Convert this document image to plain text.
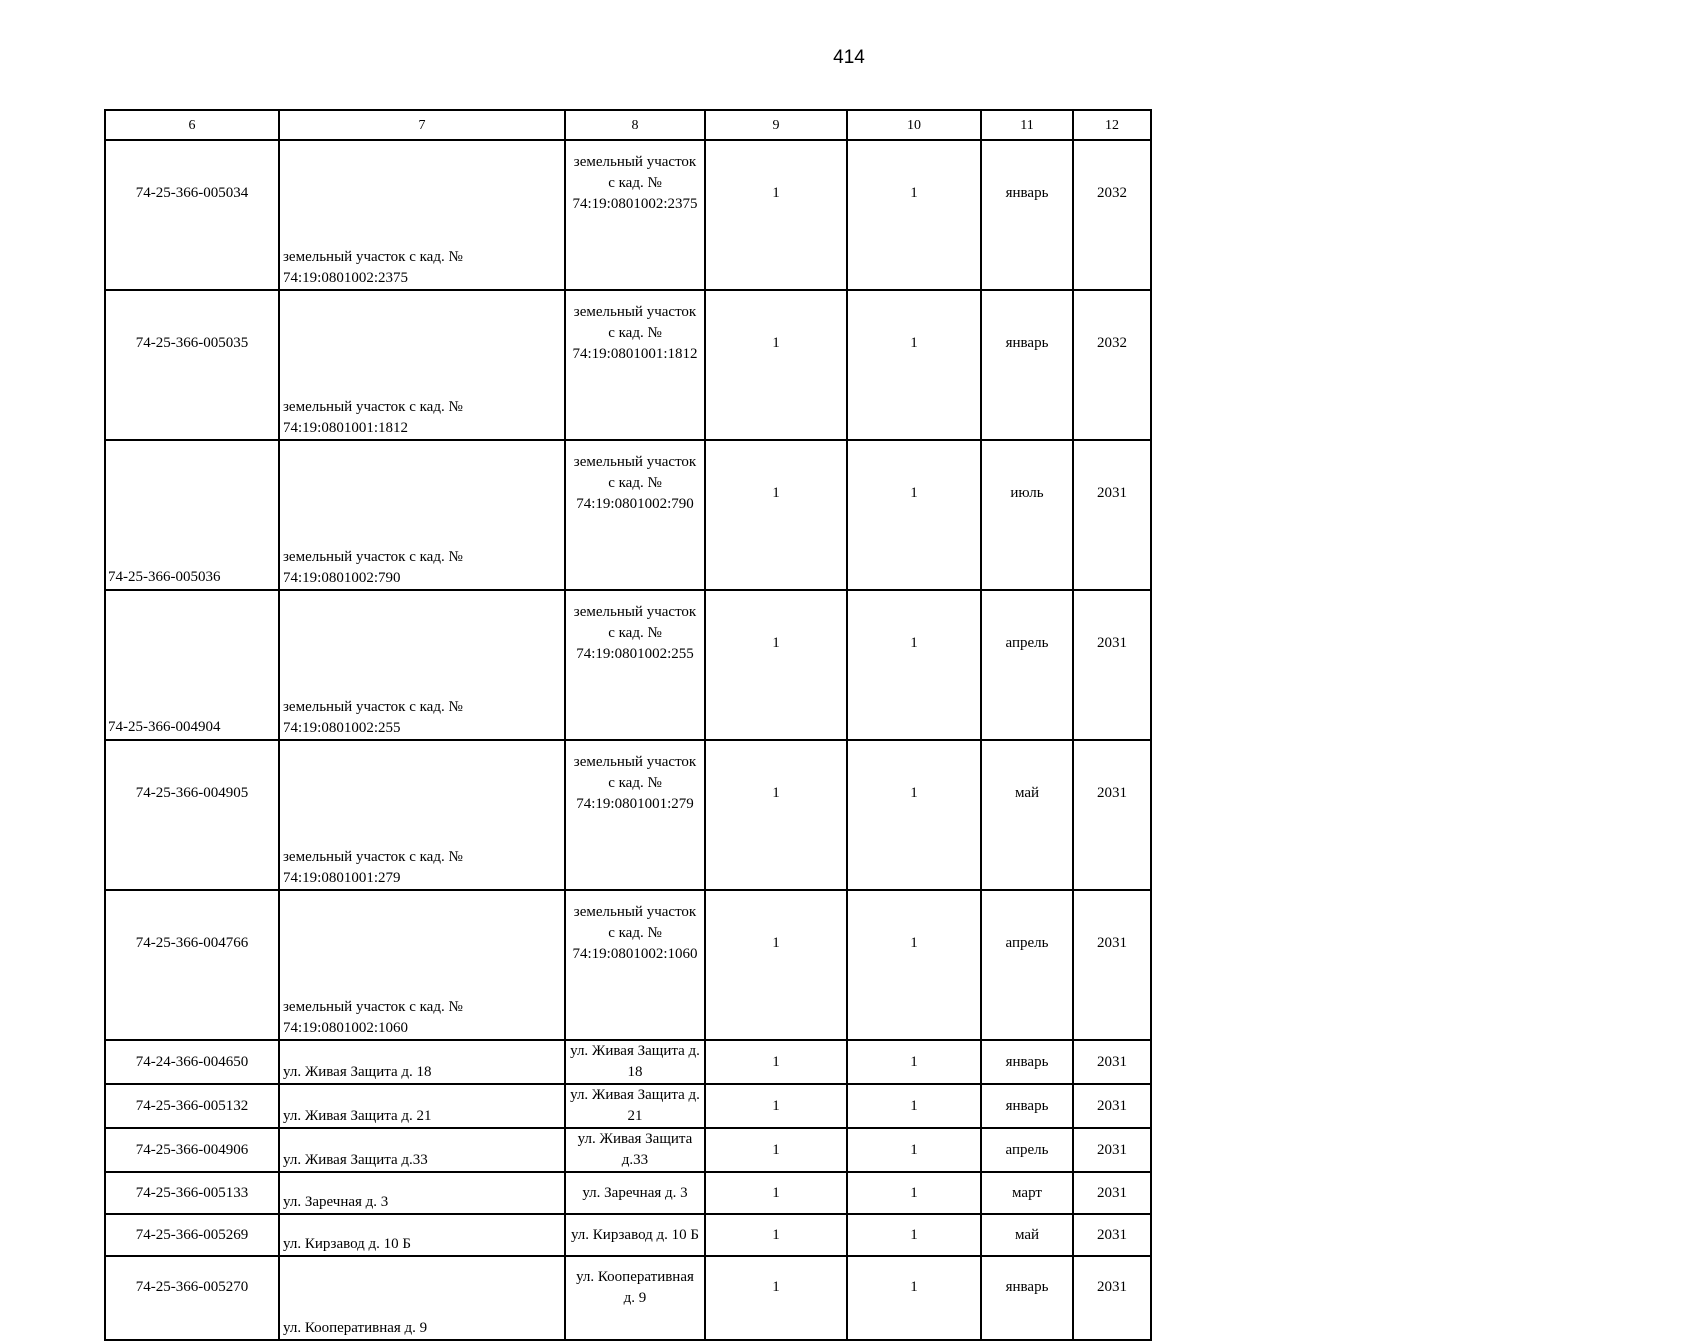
414
6	7	8	9	10	11	12
74-25-366-005034	земельный участок с кад. № 74:19:0801002:2375	земельный участок с кад. № 74:19:0801002:2375	1	1	январь	2032
74-25-366-005035	земельный участок с кад. № 74:19:0801001:1812	земельный участок с кад. № 74:19:0801001:1812	1	1	январь	2032
74-25-366-005036	земельный участок с кад. № 74:19:0801002:790	земельный участок с кад. № 74:19:0801002:790	1	1	июль	2031
74-25-366-004904	земельный участок с кад. № 74:19:0801002:255	земельный участок с кад. № 74:19:0801002:255	1	1	апрель	2031
74-25-366-004905	земельный участок с кад. № 74:19:0801001:279	земельный участок с кад. № 74:19:0801001:279	1	1	май	2031
74-25-366-004766	земельный участок с кад. № 74:19:0801002:1060	земельный участок с кад. № 74:19:0801002:1060	1	1	апрель	2031
74-24-366-004650	ул. Живая Защита д. 18	ул. Живая Защита д. 18	1	1	январь	2031
74-25-366-005132	ул. Живая Защита д. 21	ул. Живая Защита д. 21	1	1	январь	2031
74-25-366-004906	ул. Живая Защита д.33	ул. Живая Защита д.33	1	1	апрель	2031
74-25-366-005133	ул. Заречная д. 3	ул. Заречная д. 3	1	1	март	2031
74-25-366-005269	ул. Кирзавод д. 10 Б	ул. Кирзавод д. 10 Б	1	1	май	2031
74-25-366-005270	ул. Кооперативная д. 9	ул. Кооперативная д. 9	1	1	январь	2031
